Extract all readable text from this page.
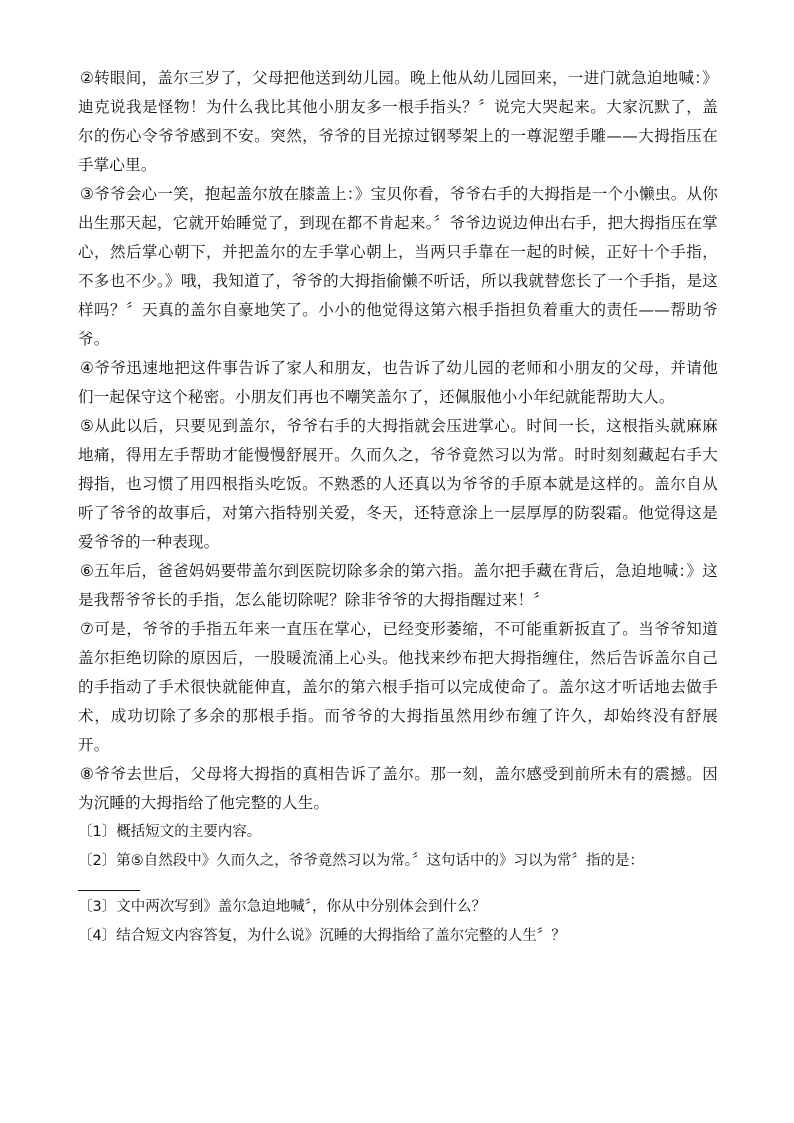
②转眼间，盖尔三岁了，父母把他送到幼儿园。晚上他从幼儿园回来，一进门就急迫地喊：》迪克说我是怪物！为什么我比其他小朋友多一根手指头？〞说完大哭起来。大家沉默了，盖尔的伤心令爷爷感到不安。突然，爷爷的目光掠过钢琴架上的一尊泥塑手雕——大拇指压在手掌心里。

③爷爷会心一笑，抱起盖尔放在膝盖上：》宝贝你看，爷爷右手的大拇指是一个小懒虫。从你出生那天起，它就开始睡觉了，到现在都不肯起来。〞爷爷边说边伸出右手，把大拇指压在掌心，然后掌心朝下，并把盖尔的左手掌心朝上，当两只手靠在一起的时候，正好十个手指，不多也不少。》哦，我知道了，爷爷的大拇指偷懒不听话，所以我就替您长了一个手指，是这样吗？〞天真的盖尔自豪地笑了。小小的他觉得这第六根手指担负着重大的责任——帮助爷爷。

④爷爷迅速地把这件事告诉了家人和朋友，也告诉了幼儿园的老师和小朋友的父母，并请他们一起保守这个秘密。小朋友们再也不嘲笑盖尔了，还佩服他小小年纪就能帮助大人。

⑤从此以后，只要见到盖尔，爷爷右手的大拇指就会压进掌心。时间一长，这根指头就麻麻地痛，得用左手帮助才能慢慢舒展开。久而久之，爷爷竟然习以为常。时时刻刻藏起右手大拇指，也习惯了用四根指头吃饭。不熟悉的人还真以为爷爷的手原本就是这样的。盖尔自从听了爷爷的故事后，对第六指特别关爱，冬天，还特意涂上一层厚厚的防裂霜。他觉得这是爱爷爷的一种表现。

⑥五年后，爸爸妈妈要带盖尔到医院切除多余的第六指。盖尔把手藏在背后，急迫地喊：》这是我帮爷爷长的手指，怎么能切除呢？除非爷爷的大拇指醒过来！〞

⑦可是，爷爷的手指五年来一直压在掌心，已经变形萎缩，不可能重新扳直了。当爷爷知道盖尔拒绝切除的原因后，一股暖流涌上心头。他找来纱布把大拇指缠住，然后告诉盖尔自己的手指动了手术很快就能伸直，盖尔的第六根手指可以完成使命了。盖尔这才听话地去做手术，成功切除了多余的那根手指。而爷爷的大拇指虽然用纱布缠了许久，却始终没有舒展开。

⑧爷爷去世后，父母将大拇指的真相告诉了盖尔。那一刻，盖尔感受到前所未有的震撼。因为沉睡的大拇指给了他完整的人生。

〔1〕概括短文的主要内容。

〔2〕第⑤自然段中》久而久之，爷爷竟然习以为常。〞这句话中的》习以为常〞指的是：

〔3〕文中两次写到》盖尔急迫地喊〞，你从中分别体会到什么？

〔4〕结合短文内容答复，为什么说》沉睡的大拇指给了盖尔完整的人生〞？
